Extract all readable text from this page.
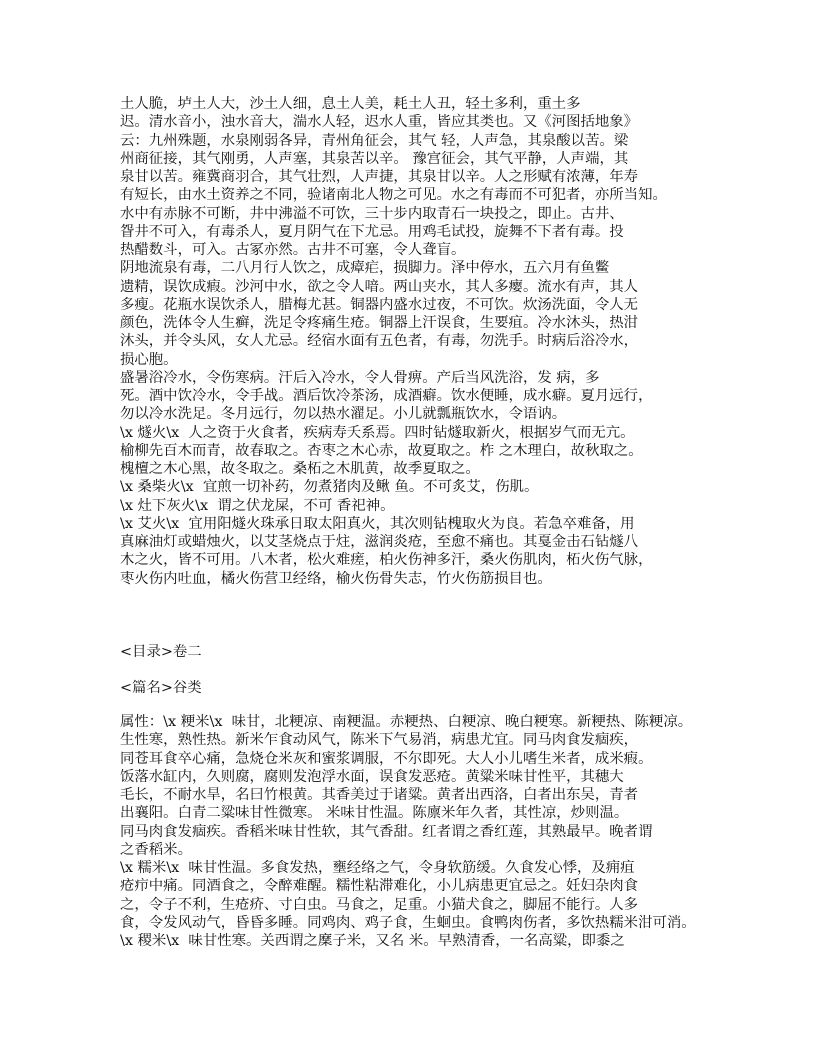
土人脆，垆土人大，沙土人细，息土人美，耗土人丑，轻土多利，重土多
迟。清水音小，浊水音大，湍水人轻，迟水人重，皆应其类也。又《河图括地象》
云：九州殊题，水泉刚弱各异，青州角征会，其气 轻，人声急，其泉酸以苦。梁
州商征接，其气刚勇，人声塞，其泉苦以辛。 豫宫征会，其气平静，人声端，其
泉甘以苦。雍冀商羽合，其气壮烈，人声捷，其泉甘以辛。人之形赋有浓薄，年寿
有短长，由水土资养之不同，验诸南北人物之可见。水之有毒而不可犯者，亦所当知。
水中有赤脉不可断，井中沸溢不可饮，三十步内取青石一块投之，即止。古井、
眢井不可入，有毒杀人，夏月阴气在下尤忌。用鸡毛试投，旋舞不下者有毒。投
热醋数斗，可入。古冢亦然。古井不可塞，令人聋盲。
阴地流泉有毒，二八月行人饮之，成瘴疟，损脚力。泽中停水，五六月有鱼鳖
遗精，误饮成瘕。沙河中水，欲之令人喑。两山夹水，其人多瘿。流水有声，其人
多瘦。花瓶水误饮杀人，腊梅尤甚。铜器内盛水过夜，不可饮。炊汤洗面，令人无
颜色，洗体令人生癣，洗足令疼痛生疮。铜器上汗误食，生要疽。冷水沐头，热泔
沐头，并令头风，女人尤忌。经宿水面有五色者，有毒，勿洗手。时病后浴冷水，
损心胞。
盛暑浴冷水，令伤寒病。汗后入冷水，令人骨痹。产后当风洗浴，发 病，多
死。酒中饮冷水，令手战。酒后饮冷茶汤，成酒癖。饮水便睡，成水癖。夏月远行，
勿以冷水洗足。冬月远行，勿以热水濯足。小儿就瓢瓶饮水，令语讷。
\x 燧火\x  人之资于火食者，疾病寿夭系焉。四时钻燧取新火，根据岁气而无亢。
榆柳先百木而青，故春取之。杏枣之木心赤，故夏取之。柞 之木理白，故秋取之。
槐檀之木心黑，故冬取之。桑柘之木肌黄，故季夏取之。
\x 桑柴火\x  宜煎一切补药，勿煮猪肉及鳅 鱼。不可炙艾，伤肌。
\x 灶下灰火\x  谓之伏龙屎，不可 香祀神。
\x 艾火\x  宜用阳燧火珠承日取太阳真火，其次则钻槐取火为良。若急卒难备，用
真麻油灯或蜡烛火，以艾茎烧点于炷，滋润炎疮，至愈不痛也。其戛金击石钻燧八
木之火，皆不可用。八木者，松火难瘥，柏火伤神多汗，桑火伤肌肉，柘火伤气脉，
枣火伤内吐血，橘火伤营卫经络，榆火伤骨失志，竹火伤筋损目也。
<目录>卷二
<篇名>谷类
属性：\x 粳米\x  味甘，北粳凉、南粳温。赤粳热、白粳凉、晚白粳寒。新粳热、陈粳凉。
生性寒，熟性热。新米乍食动风气，陈米下气易消，病患尤宜。同马肉食发痼疾，
同苍耳食卒心痛，急烧仓米灰和蜜浆调服，不尔即死。大人小儿嗜生米者，成米瘕。
饭落水缸内，久则腐，腐则发泡浮水面，误食发恶疮。黄粱米味甘性平，其穗大
毛长，不耐水旱，名曰竹根黄。其香美过于诸粱。黄者出西洛，白者出东吴，青者
出襄阳。白青二粱味甘性微寒。 米味甘性温。陈廪米年久者，其性凉，炒则温。
同马肉食发痼疾。香稻米味甘性软，其气香甜。红者谓之香红莲，其熟最早。晚者谓
之香稻米。
\x 糯米\x  味甘性温。多食发热，壅经络之气，令身软筋缓。久食发心悸，及痈疽
疮疖中痛。同酒食之，令醉难醒。糯性粘滞难化，小儿病患更宜忌之。妊妇杂肉食
之，令子不利，生疮疥、寸白虫。马食之，足重。小猫犬食之，脚屈不能行。人多
食，令发风动气，昏昏多睡。同鸡肉、鸡子食，生蛔虫。食鸭肉伤者，多饮热糯米泔可消。
\x 稷米\x  味甘性寒。关西谓之穈子米，又名 米。早熟清香，一名高粱，即黍之
